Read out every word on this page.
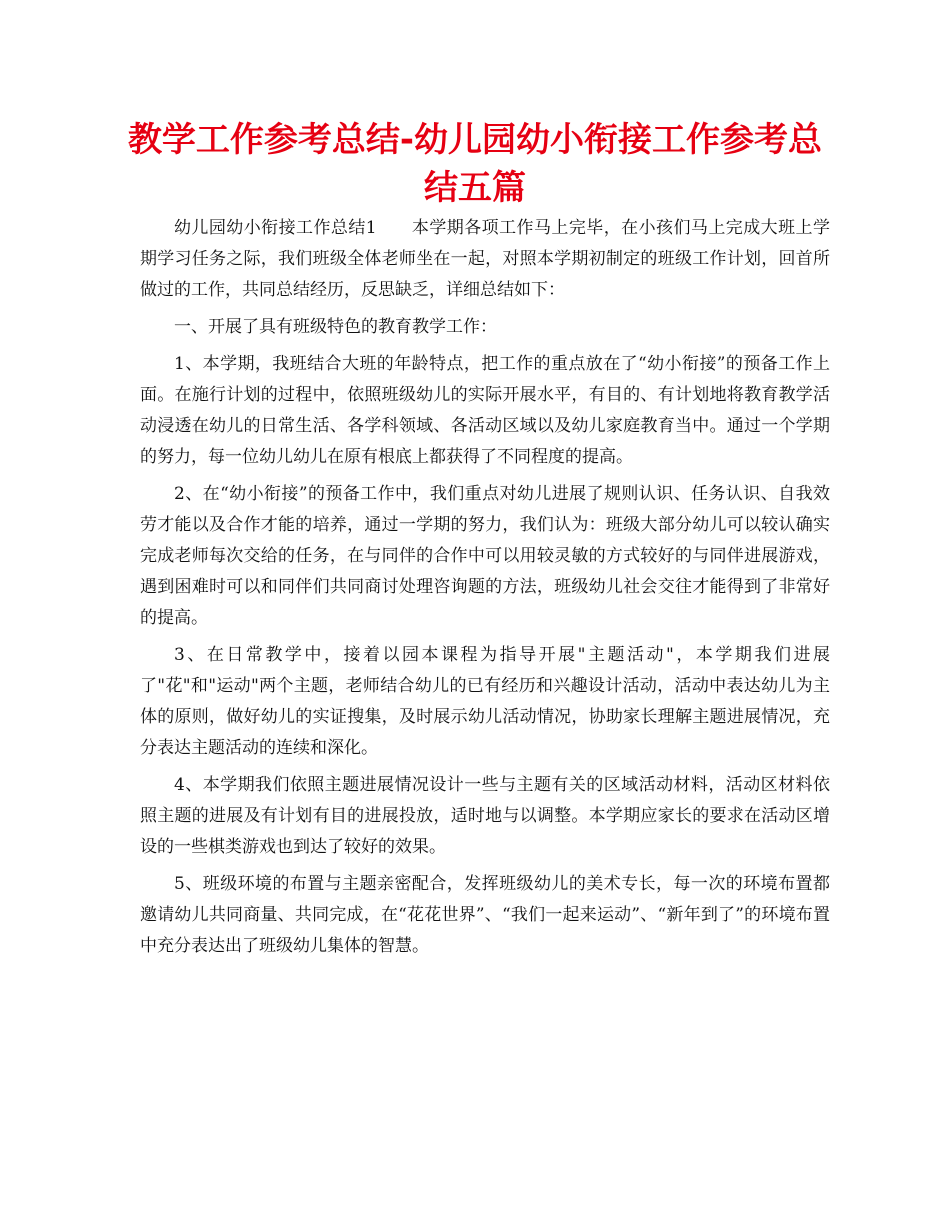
教学工作参考总结-幼儿园幼小衔接工作参考总结五篇

幼儿园幼小衔接工作总结1　　本学期各项工作马上完毕，在小孩们马上完成大班上学期学习任务之际，我们班级全体老师坐在一起，对照本学期初制定的班级工作计划，回首所做过的工作，共同总结经历，反思缺乏，详细总结如下：

一、开展了具有班级特色的教育教学工作：

1、本学期，我班结合大班的年龄特点，把工作的重点放在了“幼小衔接”的预备工作上面。在施行计划的过程中，依照班级幼儿的实际开展水平，有目的、有计划地将教育教学活动浸透在幼儿的日常生活、各学科领域、各活动区域以及幼儿家庭教育当中。通过一个学期的努力，每一位幼儿幼儿在原有根底上都获得了不同程度的提高。

2、在“幼小衔接”的预备工作中，我们重点对幼儿进展了规则认识、任务认识、自我效劳才能以及合作才能的培养，通过一学期的努力，我们认为：班级大部分幼儿可以较认确实完成老师每次交给的任务，在与同伴的合作中可以用较灵敏的方式较好的与同伴进展游戏，遇到困难时可以和同伴们共同商讨处理咨询题的方法，班级幼儿社会交往才能得到了非常好的提高。

3、在日常教学中，接着以园本课程为指导开展"主题活动"，本学期我们进展了"花"和"运动"两个主题，老师结合幼儿的已有经历和兴趣设计活动，活动中表达幼儿为主体的原则，做好幼儿的实证搜集，及时展示幼儿活动情况，协助家长理解主题进展情况，充分表达主题活动的连续和深化。

4、本学期我们依照主题进展情况设计一些与主题有关的区域活动材料，活动区材料依照主题的进展及有计划有目的进展投放，适时地与以调整。本学期应家长的要求在活动区增设的一些棋类游戏也到达了较好的效果。

5、班级环境的布置与主题亲密配合，发挥班级幼儿的美术专长，每一次的环境布置都邀请幼儿共同商量、共同完成，在“花花世界”、“我们一起来运动”、“新年到了”的环境布置中充分表达出了班级幼儿集体的智慧。
